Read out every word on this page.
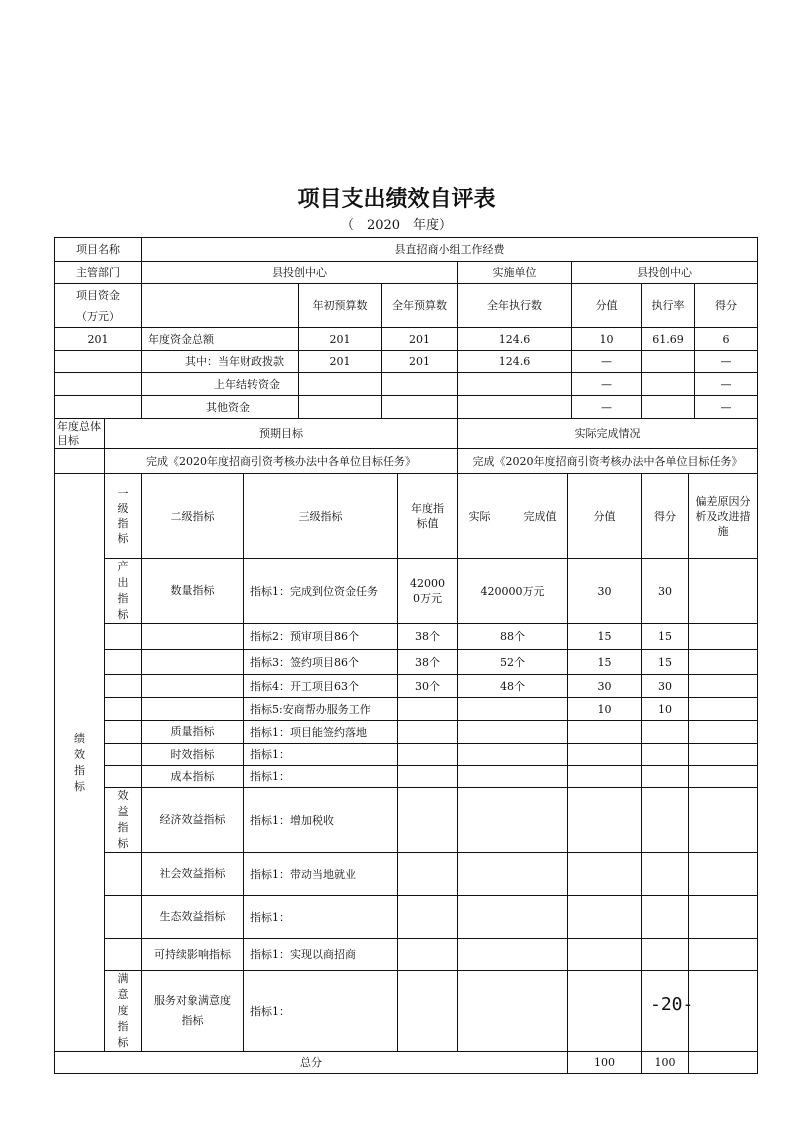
项目支出绩效自评表
（　2020　年度）
项目名称	县直招商小组工作经费						
主管部门	县投创中心			实施单位	县投创中心		

项目资金
（万元）		年初预算数	全年预算数	全年执行数	分值	执行率	得分
201	年度资金总额	201	201	124.6	10	61.69	6
	其中：当年财政拨款	201	201	124.6	—		—
	上年结转资金				—		—
	其他资金				—		—
年度总体目标	预期目标	实际完成情况
	完成《2020年度招商引资考核办法中各单位目标任务》	完成《2020年度招商引资考核办法中各单位目标任务》
绩效指标	一级指标	二级指标	三级指标	年度指标值	实际　　　完成值	分值	得分	偏差原因分析及改进措施

	产出指标	数量指标	指标1：完成到位资金任务	420000万元	420000万元	30	30	

		指标2：预审项目86个	38个	88个	15	15	

		指标3：签约项目86个	38个	52个	15	15	

		指标4：开工项目63个	30个	48个	30	30	

		指标5:安商帮办服务工作			10	10	

		质量指标	指标1：项目能签约落地	

		时效指标	指标1：	

		成本指标	指标1：	

	效益指标	经济效益指标	指标1：增加税收	

		社会效益指标	指标1：带动当地就业	

		生态效益指标	指标1：	

		可持续影响指标	指标1：实现以商招商	

	满意度指标	服务对象满意度指标	指标1：	

总分						100	100	
-20-
